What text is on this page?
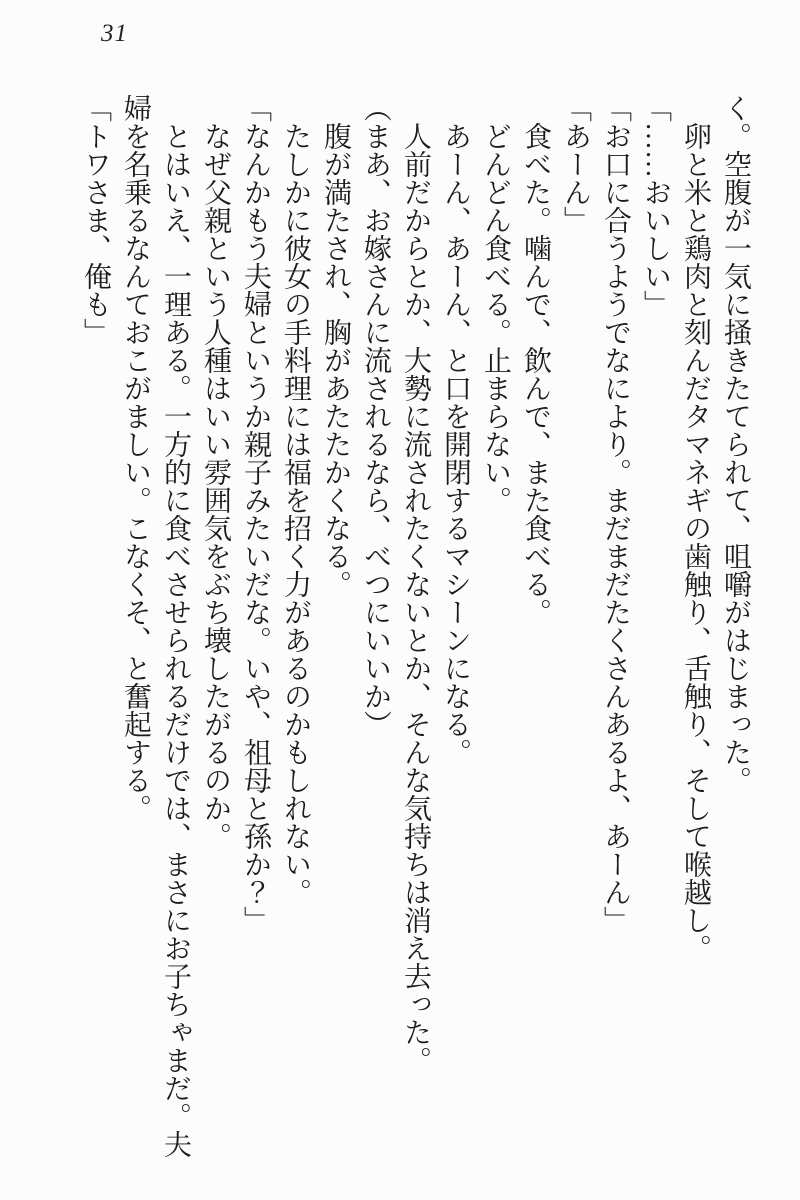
31
く。空腹が一気に掻きたてられて、咀嚼がはじまった。
卵と米と鶏肉と刻んだタマネギの歯触り、舌触り、そして喉越し。
「……おいしい」
「お口に合うようでなにより。まだまだたくさんあるよ、あーん」
「あーん」
食べた。噛んで、飲んで、また食べる。
どんどん食べる。止まらない。
あーん、あーん、と口を開閉するマシーンになる。
人前だからとか、大勢に流されたくないとか、そんな気持ちは消え去った。
（まあ、お嫁さんに流されるなら、べつにいいか）
腹が満たされ、胸があたたかくなる。
たしかに彼女の手料理には福を招く力があるのかもしれない。
「なんかもう夫婦というか親子みたいだな。いや、祖母と孫か？」
なぜ父親という人種はいい雰囲気をぶち壊したがるのか。
とはいえ、一理ある。一方的に食べさせられるだけでは、まさにお子ちゃまだ。夫
婦を名乗るなんておこがましい。こなくそ、と奮起する。
「トワさま、俺も」
